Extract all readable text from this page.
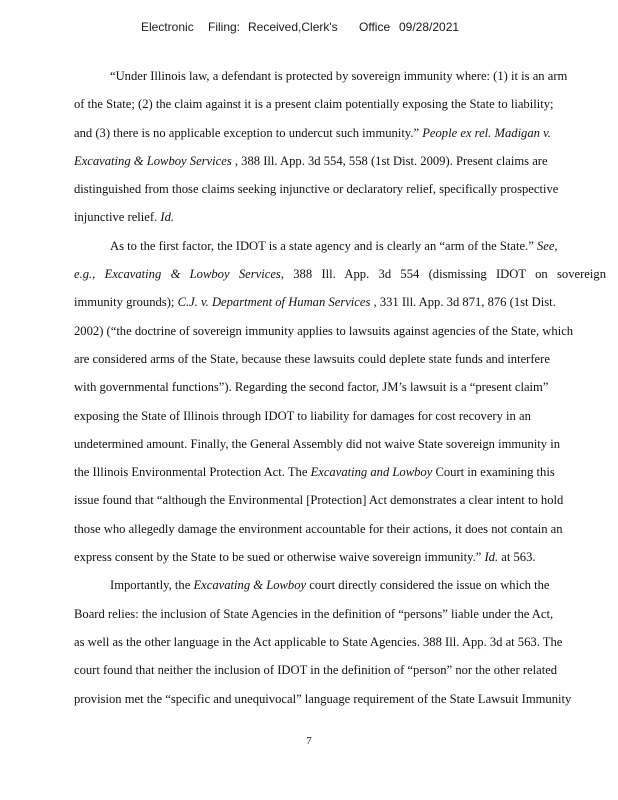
Electronic Filing: Received,Clerk's Office 09/28/2021
“Under Illinois law, a defendant is protected by sovereign immunity where: (1) it is an arm
of the State; (2) the claim against it is a present claim potentially exposing the State to liability;
and (3) there is no applicable exception to undercut such immunity.” People ex rel. Madigan v.
Excavating & Lowboy Services , 388 Ill. App. 3d 554, 558 (1st Dist. 2009). Present claims are
distinguished from those claims seeking injunctive or declaratory relief, specifically prospective
injunctive relief. Id.
As to the first factor, the IDOT is a state agency and is clearly an “arm of the State.” See,
e.g., Excavating & Lowboy Services, 388 Ill. App. 3d 554 (dismissing IDOT on sovereign
immunity grounds); C.J. v. Department of Human Services , 331 Ill. App. 3d 871, 876 (1st Dist.
2002) (“the doctrine of sovereign immunity applies to lawsuits against agencies of the State, which
are considered arms of the State, because these lawsuits could deplete state funds and interfere
with governmental functions”). Regarding the second factor, JM’s lawsuit is a “present claim”
exposing the State of Illinois through IDOT to liability for damages for cost recovery in an
undetermined amount. Finally, the General Assembly did not waive State sovereign immunity in
the Illinois Environmental Protection Act. The Excavating and Lowboy Court in examining this
issue found that “although the Environmental [Protection] Act demonstrates a clear intent to hold
those who allegedly damage the environment accountable for their actions, it does not contain an
express consent by the State to be sued or otherwise waive sovereign immunity.” Id. at 563.
Importantly, the Excavating & Lowboy court directly considered the issue on which the
Board relies: the inclusion of State Agencies in the definition of “persons” liable under the Act,
as well as the other language in the Act applicable to State Agencies. 388 Ill. App. 3d at 563. The
court found that neither the inclusion of IDOT in the definition of “person” nor the other related
provision met the “specific and unequivocal” language requirement of the State Lawsuit Immunity
7
